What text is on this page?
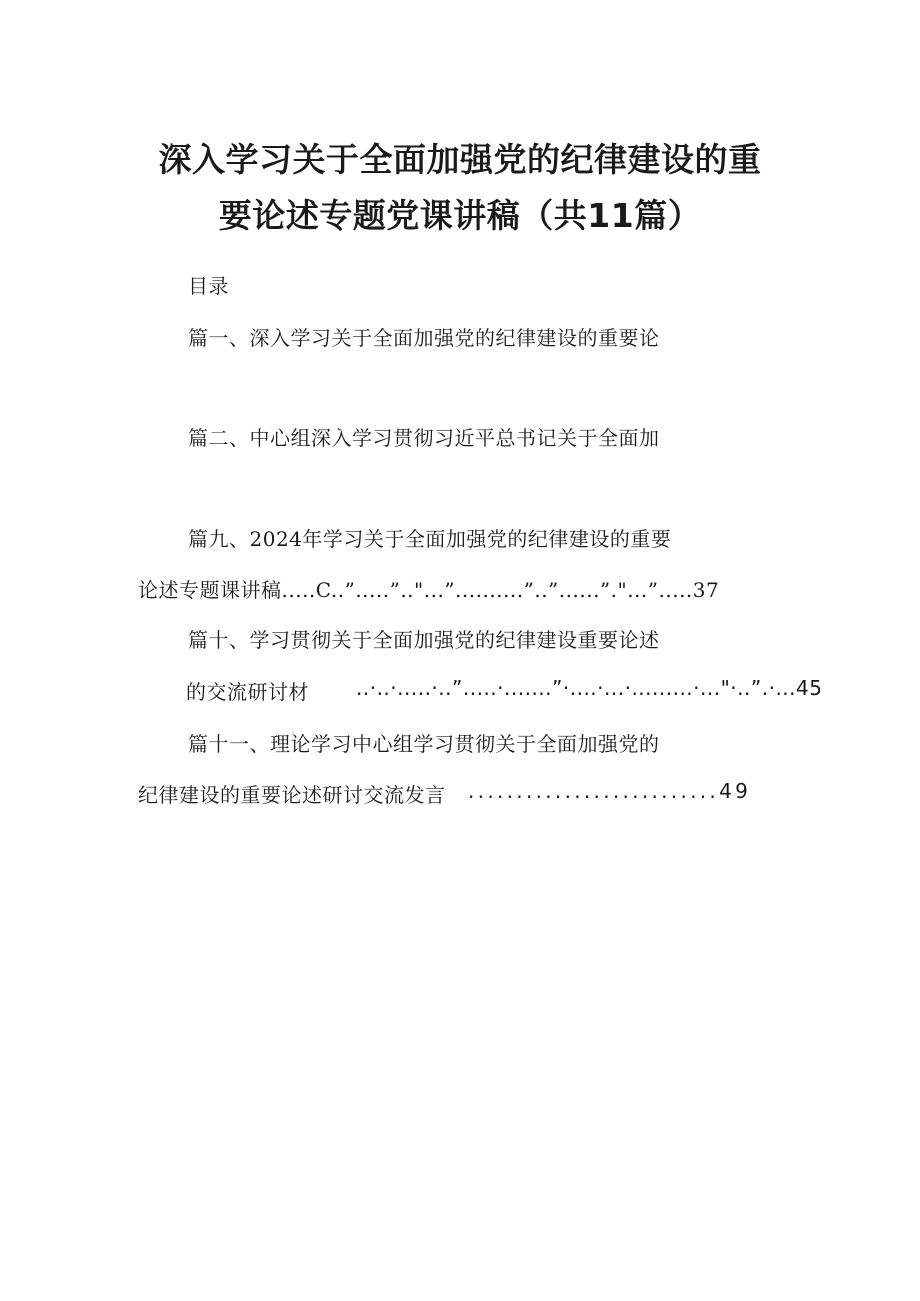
深入学习关于全面加强党的纪律建设的重
要论述专题党课讲稿（共11篇）
目录
篇一、深入学习关于全面加强党的纪律建设的重要论
篇二、中心组深入学习贯彻习近平总书记关于全面加
篇九、2024年学习关于全面加强党的纪律建设的重要
论述专题课讲稿.....C..”.....”.."...”..........”..”......”."...”.....37
篇十、学习贯彻关于全面加强党的纪律建设重要论述
的交流研讨材 ..·..·.....·..”.....·.......”·....·...·.........·..."·..”.·...45
篇十一、理论学习中心组学习贯彻关于全面加强党的
纪律建设的重要论述研讨交流发言 ..........................49
